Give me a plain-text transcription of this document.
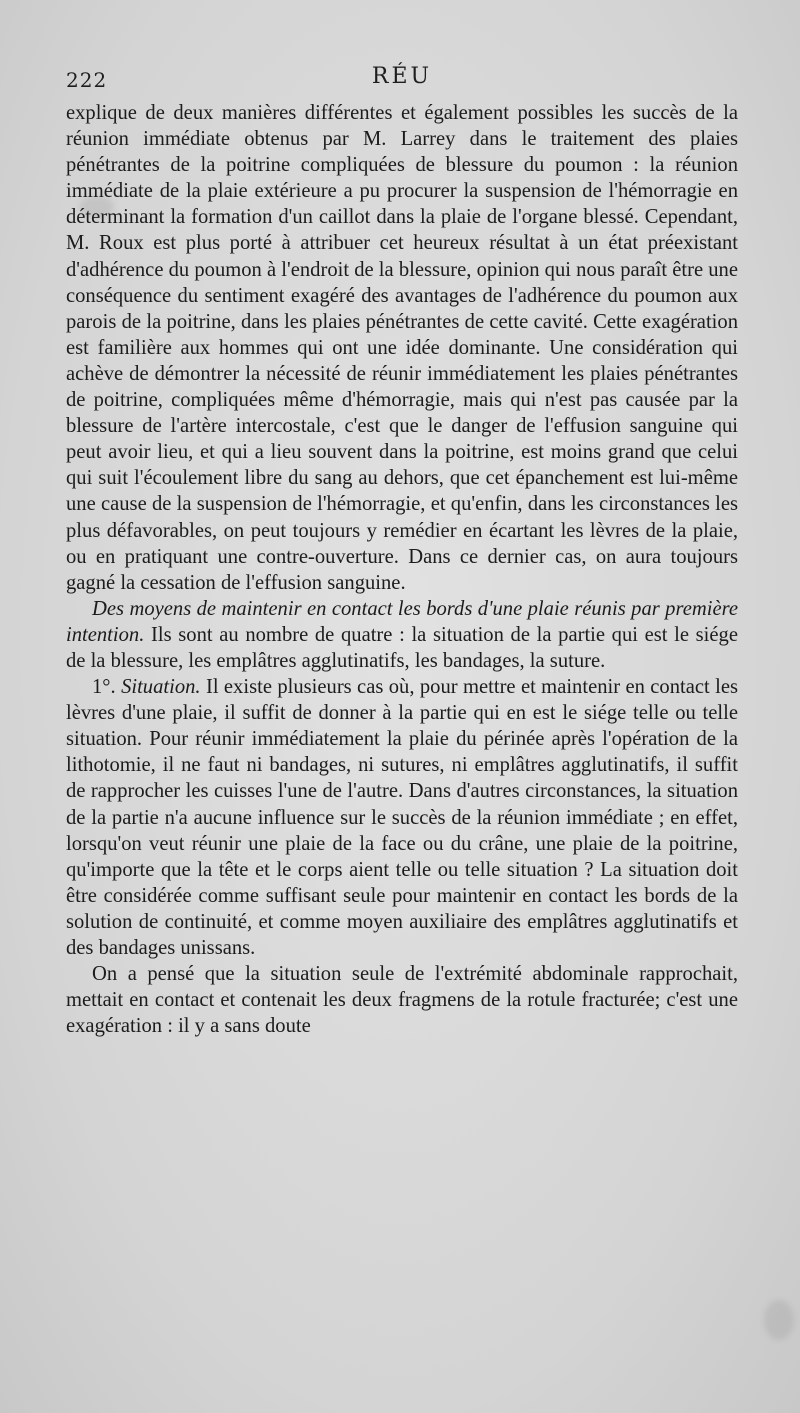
222	RÉU

explique de deux manières différentes et également possibles les succès de la réunion immédiate obtenus par M. Larrey dans le traitement des plaies pénétrantes de la poitrine compliquées de blessure du poumon : la réunion immédiate de la plaie extérieure a pu procurer la suspension de l'hémorragie en déterminant la formation d'un caillot dans la plaie de l'organe blessé. Cependant, M. Roux est plus porté à attribuer cet heureux résultat à un état préexistant d'adhérence du poumon à l'endroit de la blessure, opinion qui nous paraît être une conséquence du sentiment exagéré des avantages de l'adhérence du poumon aux parois de la poitrine, dans les plaies pénétrantes de cette cavité. Cette exagération est familière aux hommes qui ont une idée dominante. Une considération qui achève de démontrer la nécessité de réunir immédiatement les plaies pénétrantes de poitrine, compliquées même d'hémorragie, mais qui n'est pas causée par la blessure de l'artère intercostale, c'est que le danger de l'effusion sanguine qui peut avoir lieu, et qui a lieu souvent dans la poitrine, est moins grand que celui qui suit l'écoulement libre du sang au dehors, que cet épanchement est lui-même une cause de la suspension de l'hémorragie, et qu'enfin, dans les circonstances les plus défavorables, on peut toujours y remédier en écartant les lèvres de la plaie, ou en pratiquant une contre-ouverture. Dans ce dernier cas, on aura toujours gagné la cessation de l'effusion sanguine.

Des moyens de maintenir en contact les bords d'une plaie réunis par première intention. Ils sont au nombre de quatre : la situation de la partie qui est le siége de la blessure, les emplâtres agglutinatifs, les bandages, la suture.

1°. Situation. Il existe plusieurs cas où, pour mettre et maintenir en contact les lèvres d'une plaie, il suffit de donner à la partie qui en est le siége telle ou telle situation. Pour réunir immédiatement la plaie du périnée après l'opération de la lithotomie, il ne faut ni bandages, ni sutures, ni emplâtres agglutinatifs, il suffit de rapprocher les cuisses l'une de l'autre. Dans d'autres circonstances, la situation de la partie n'a aucune influence sur le succès de la réunion immédiate ; en effet, lorsqu'on veut réunir une plaie de la face ou du crâne, une plaie de la poitrine, qu'importe que la tête et le corps aient telle ou telle situation ? La situation doit être considérée comme suffisant seule pour maintenir en contact les bords de la solution de continuité, et comme moyen auxiliaire des emplâtres agglutinatifs et des bandages unissans.

On a pensé que la situation seule de l'extrémité abdominale rapprochait, mettait en contact et contenait les deux fragmens de la rotule fracturée; c'est une exagération : il y a sans doute
